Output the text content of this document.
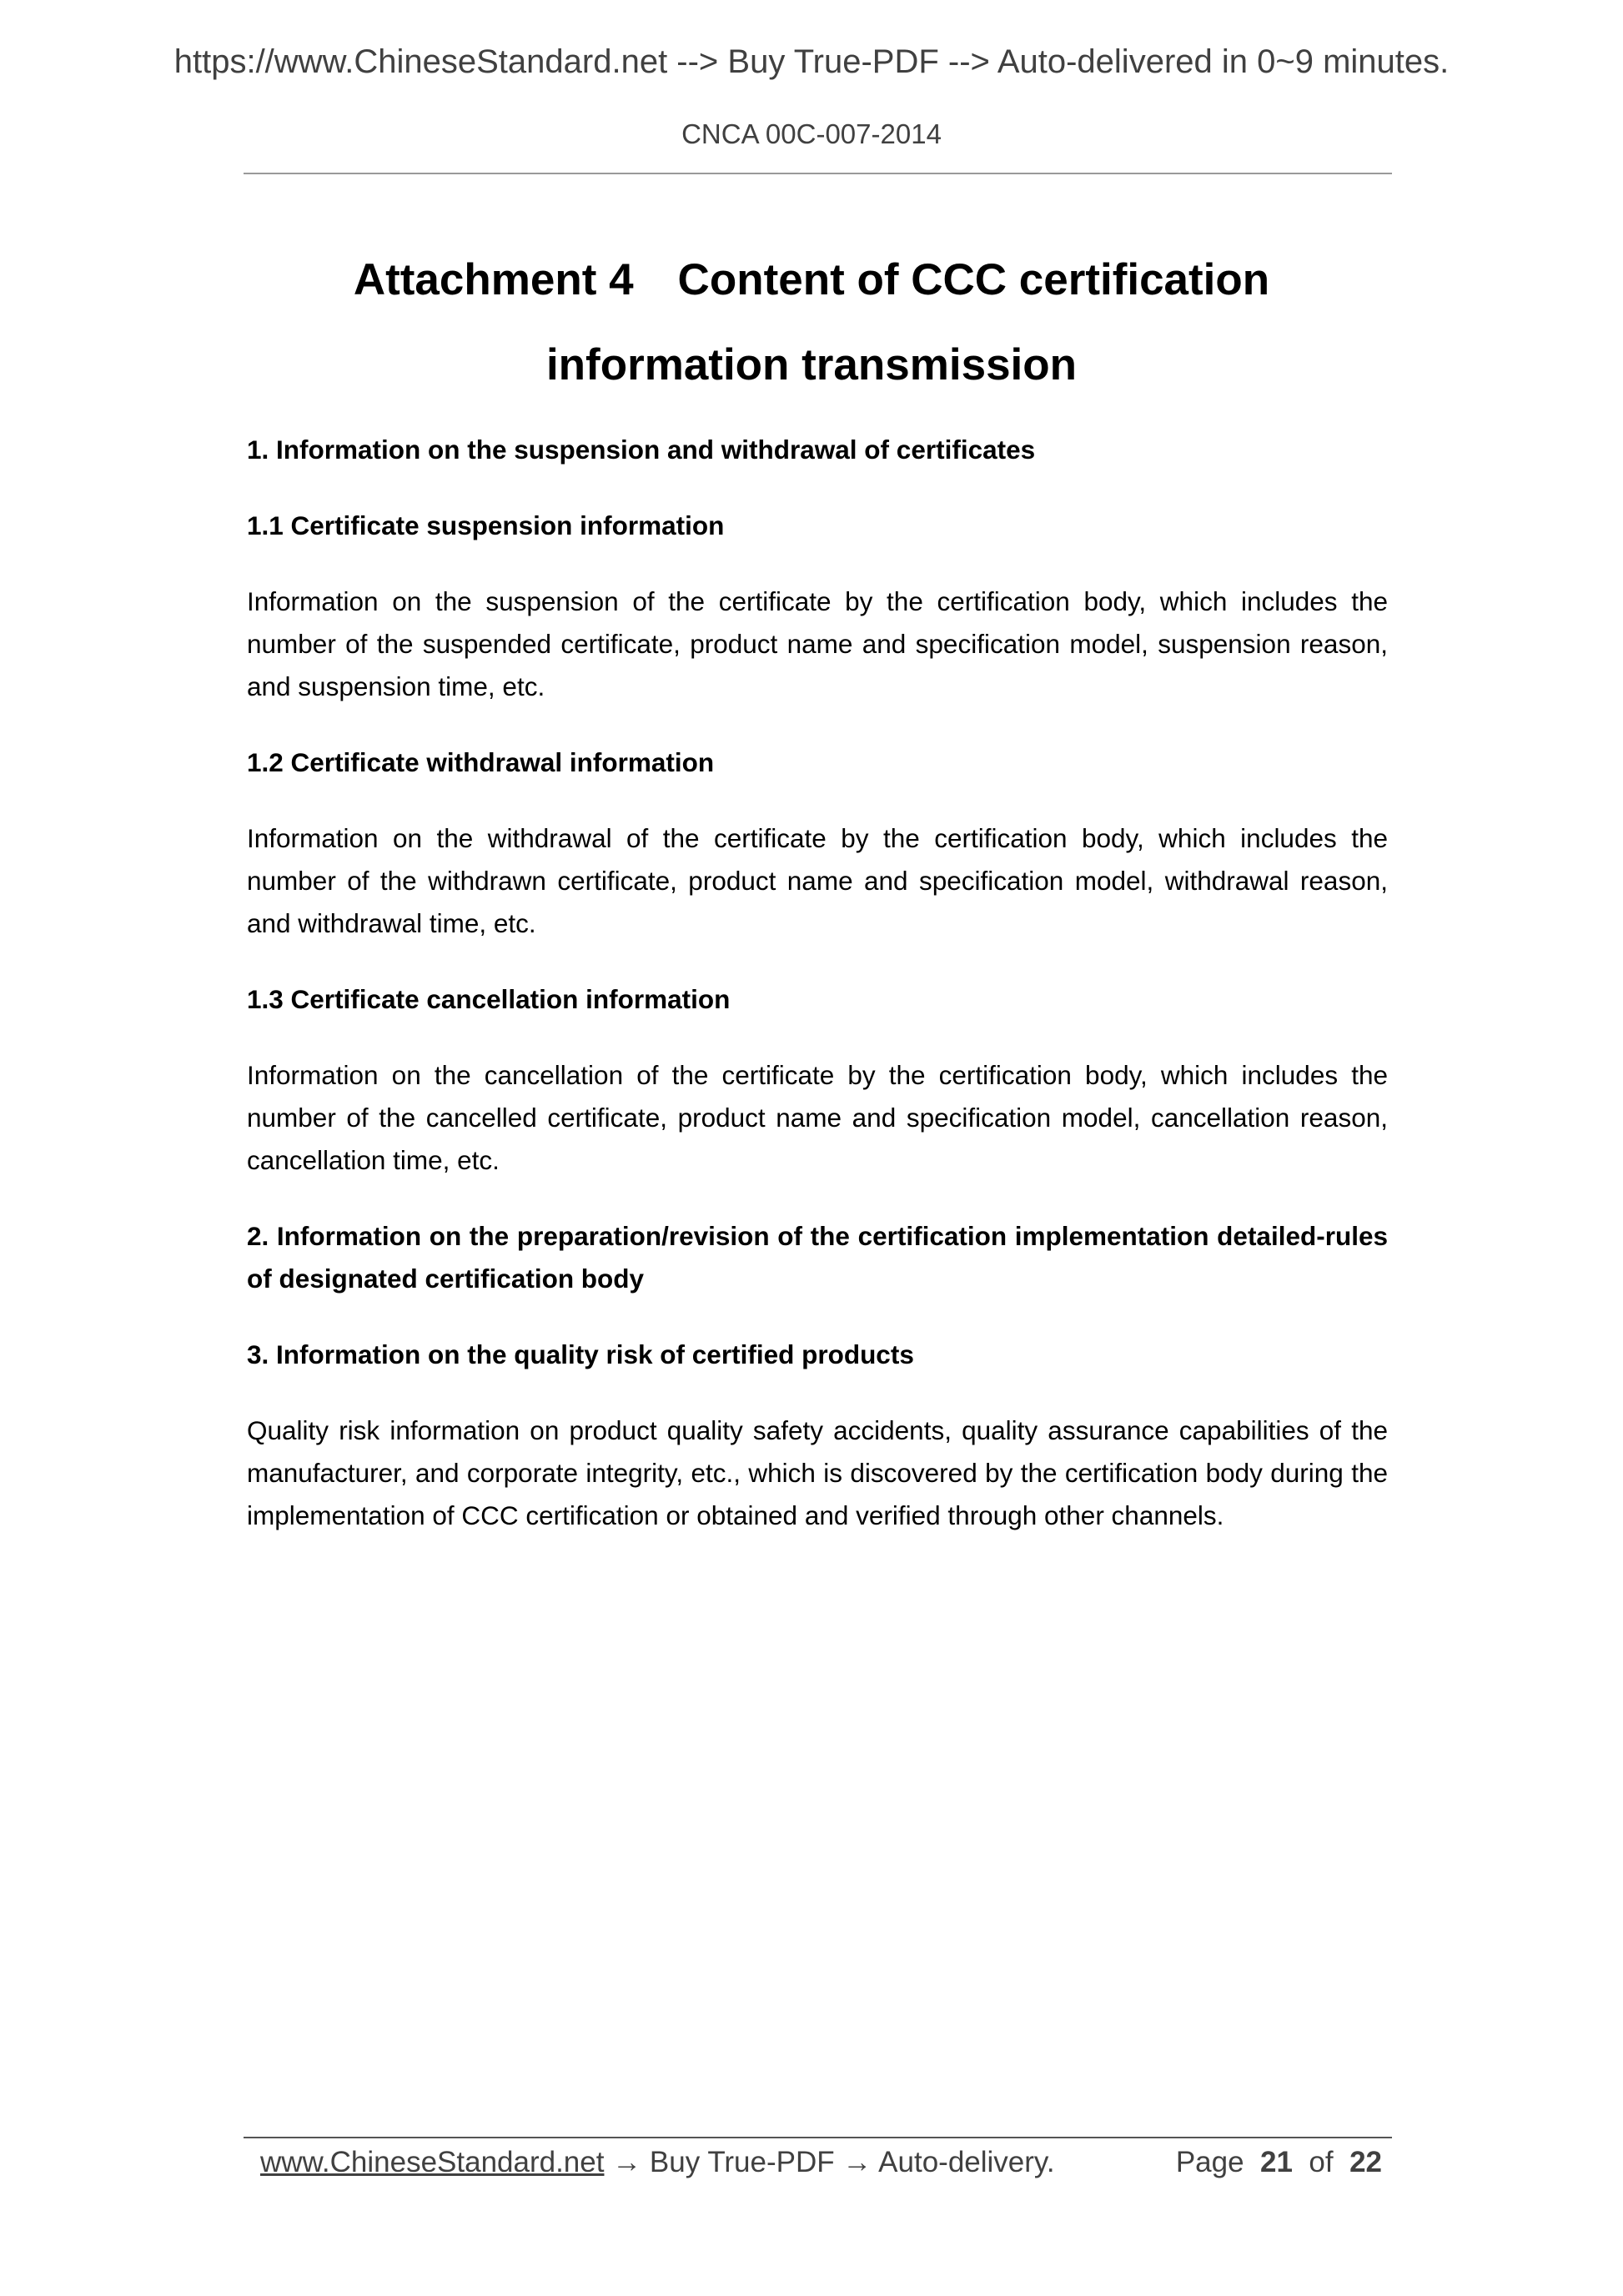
https://www.ChineseStandard.net --> Buy True-PDF --> Auto-delivered in 0~9 minutes.
CNCA 00C-007-2014
Attachment 4 Content of CCC certification
information transmission
1. Information on the suspension and withdrawal of certificates
1.1 Certificate suspension information

Information on the suspension of the certificate by the certification body, which includes the number of the suspended certificate, product name and specification model, suspension reason, and suspension time, etc.

1.2 Certificate withdrawal information

Information on the withdrawal of the certificate by the certification body, which includes the number of the withdrawn certificate, product name and specification model, withdrawal reason, and withdrawal time, etc.

1.3 Certificate cancellation information

Information on the cancellation of the certificate by the certification body, which includes the number of the cancelled certificate, product name and specification model, cancellation reason, cancellation time, etc.

2. Information on the preparation/revision of the certification implementation detailed-rules of designated certification body
3. Information on the quality risk of certified products

Quality risk information on product quality safety accidents, quality assurance capabilities of the manufacturer, and corporate integrity, etc., which is discovered by the certification body during the implementation of CCC certification or obtained and verified through other channels.

www.ChineseStandard.net → Buy True-PDF → Auto-delivery.	Page 21 of 22
